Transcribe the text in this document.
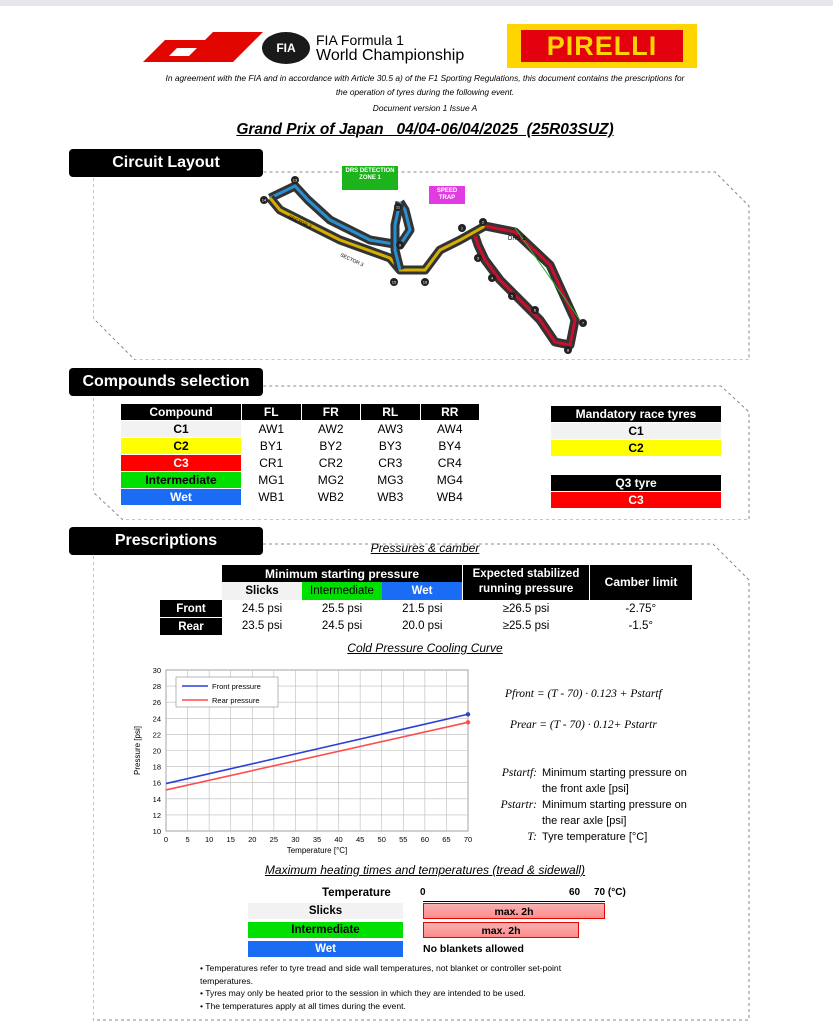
FIA	FIA Formula 1
World Championship	PIRELLI
In agreement with the FIA and in accordance with Article 30.5 a) of the F1 Sporting Regulations, this document contains the prescriptions for
the operation of tyres during the following event.
Document version 1 Issue A
Grand Prix of Japan   04/04-06/04/2025  (25R03SUZ)
Circuit Layout
DRS 1
SECTOR 3
SECTOR 2
14
13
11
9
15	16
1
2
3
4
5
6
7
8
DRS DETECTION ZONE 1
SPEED TRAP
Compounds selection
Compound	FL	FR	RL	RR
C1	AW1	AW2	AW3	AW4
C2	BY1	BY2	BY3	BY4
C3	CR1	CR2	CR3	CR4
Intermediate	MG1	MG2	MG3	MG4
Wet	WB1	WB2	WB3	WB4
Mandatory race tyres
C1
C2
Q3 tyre
C3
Prescriptions	Pressures & camber
	Minimum starting pressure			Expected stabilized
running pressure	Camber limit
	Slicks	Intermediate	Wet		
Front	24.5 psi	25.5 psi	21.5 psi	≥26.5 psi	-2.75°
Rear	23.5 psi	24.5 psi	20.0 psi	≥25.5 psi	-1.5°
Cold Pressure Cooling Curve
0 5 10 15 20 25 30 35 40 45 50 55 60 65 70
10
12
14
16
18
20
22
24
26
28
30
Temperature [°C]
Pressure [psi]
Front pressure
Rear pressure
Pfront = (T - 70) · 0.123 + Pstartf
Prear = (T - 70) · 0.12+ Pstartr
Pstartf: Minimum starting pressure on
the front axle [psi]
Pstartr: Minimum starting pressure on
the rear axle [psi]
T: Tyre temperature [°C]
Maximum heating times and temperatures (tread & sidewall)
Temperature	0	60 70 (°C)
Slicks	max. 2h
Intermediate	max. 2h
Wet	No blankets allowed
• Temperatures refer to tyre tread and side wall temperatures, not blanket or controller set-point temperatures.
• Tyres may only be heated prior to the session in which they are intended to be used.
• The temperatures apply at all times during the event.
